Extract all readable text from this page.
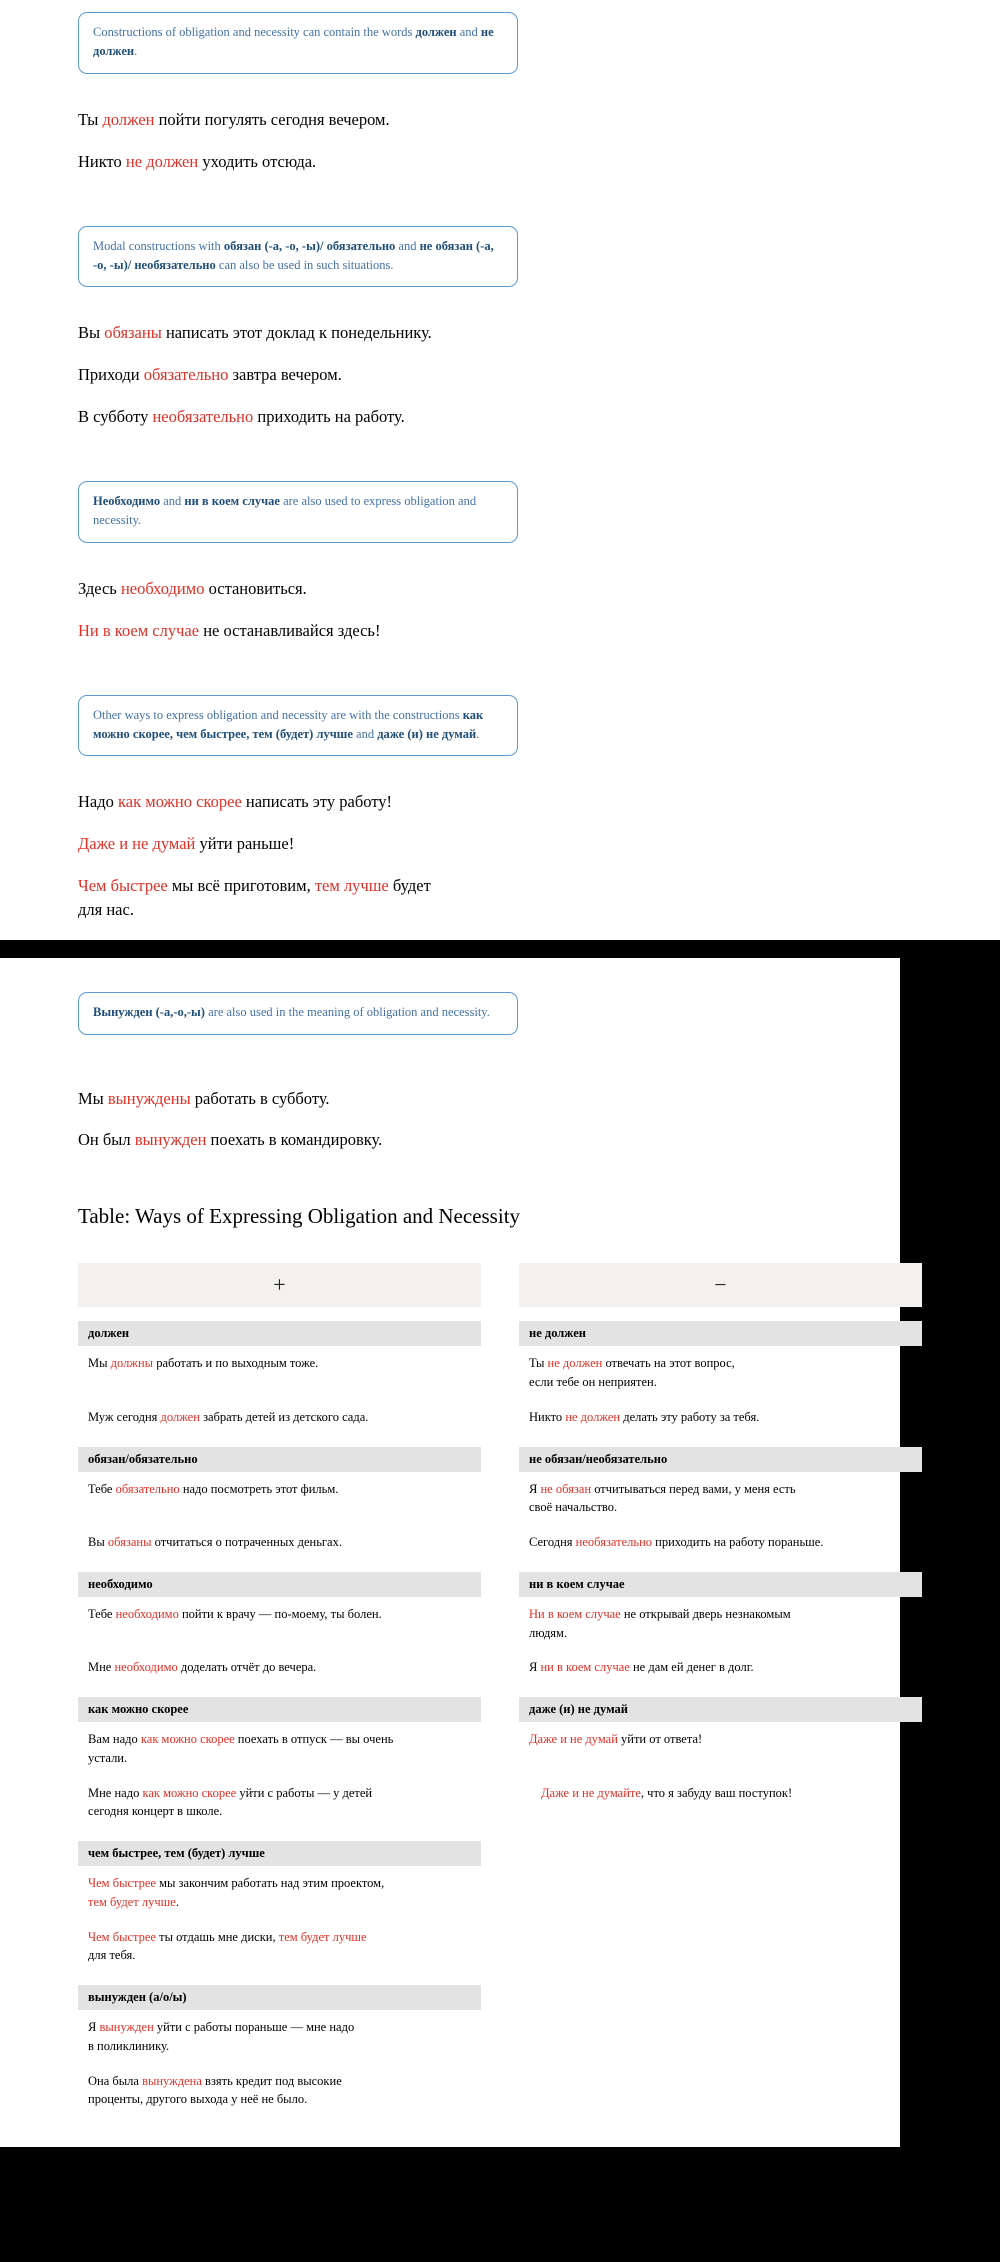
Constructions of obligation and necessity can contain the words должен and не должен.

Ты должен пойти погулять сегодня вечером.

Никто не должен уходить отсюда.

Modal constructions with обязан (-а, -о, -ы)/ обязательно and не обязан (-а, -о, -ы)/ необязательно can also be used in such situations.

Вы обязаны написать этот доклад к понедельнику.

Приходи обязательно завтра вечером.

В субботу необязательно приходить на работу.

Необходимо and ни в коем случае are also used to express obligation and necessity.

Здесь необходимо остановиться.

Ни в коем случае не останавливайся здесь!

Other ways to express obligation and necessity are with the constructions как можно скорее, чем быстрее, тем (будет) лучше and даже (и) не думай.

Надо как можно скорее написать эту работу!

Даже и не думай уйти раньше!

Чем быстрее мы всё приготовим, тем лучше будет
для нас.

Вынужден (-а,-о,-ы) are also used in the meaning of obligation and necessity.

Мы вынуждены работать в субботу.

Он был вынужден поехать в командировку.

Table: Ways of Expressing Obligation and Necessity
+		−

должен		не должен

Мы должны работать и по выходным тоже.		Ты не должен отвечать на этот вопрос,
если тебе он неприятен.

Муж сегодня должен забрать детей из детского сада.		Никто не должен делать эту работу за тебя.

обязан/обязательно		не обязан/необязательно

Тебе обязательно надо посмотреть этот фильм.		Я не обязан отчитываться перед вами, у меня есть
своё начальство.

Вы обязаны отчитаться о потраченных деньгах.		Сегодня необязательно приходить на работу пораньше.

необходимо		ни в коем случае

Тебе необходимо пойти к врачу — по-моему, ты болен.		Ни в коем случае не открывай дверь незнакомым
людям.

Мне необходимо доделать отчёт до вечера.		Я ни в коем случае не дам ей денег в долг.

как можно скорее		даже (и) не думай

Вам надо как можно скорее поехать в отпуск — вы очень
устали.		Даже и не думай уйти от ответа!

Мне надо как можно скорее уйти с работы — у детей
сегодня концерт в школе.		Даже и не думайте, что я забуду ваш поступок!

чем быстрее, тем (будет) лучше		

Чем быстрее мы закончим работать над этим проектом,
тем будет лучше.		

Чем быстрее ты отдашь мне диски, тем будет лучше
для тебя.		

вынужден (а/о/ы)		

Я вынужден уйти с работы пораньше — мне надо
в поликлинику.		

Она была вынуждена взять кредит под высокие
проценты, другого выхода у неё не было.		
